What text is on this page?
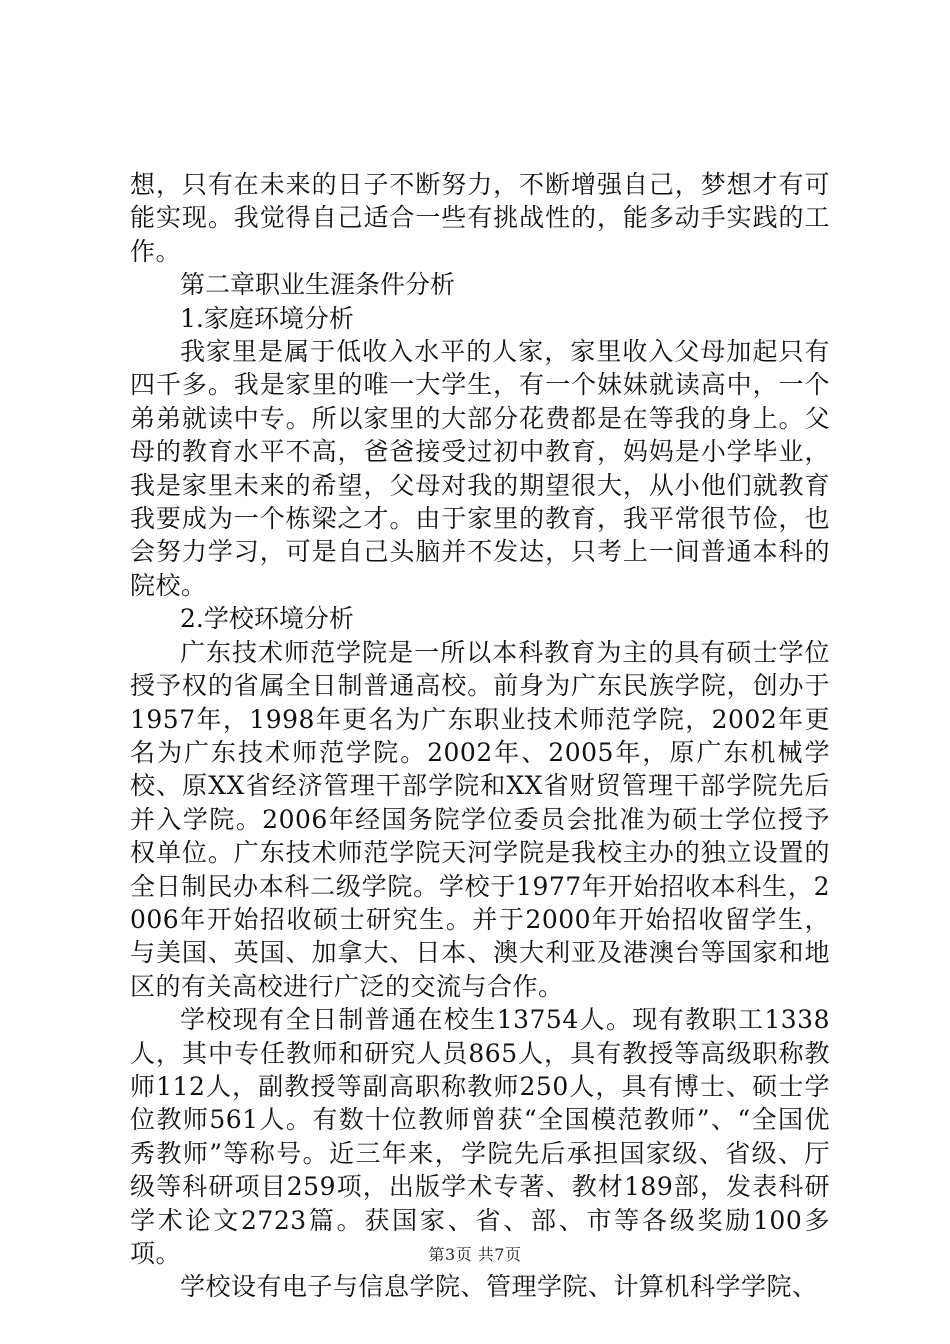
想，只有在未来的日子不断努力，不断增强自己，梦想才有可能实现。我觉得自己适合一些有挑战性的，能多动手实践的工作。

第二章职业生涯条件分析

1.家庭环境分析

我家里是属于低收入水平的人家，家里收入父母加起只有四千多。我是家里的唯一大学生，有一个妹妹就读高中，一个弟弟就读中专。所以家里的大部分花费都是在等我的身上。父母的教育水平不高，爸爸接受过初中教育，妈妈是小学毕业，我是家里未来的希望，父母对我的期望很大，从小他们就教育我要成为一个栋梁之才。由于家里的教育，我平常很节俭，也会努力学习，可是自己头脑并不发达，只考上一间普通本科的院校。

2.学校环境分析

广东技术师范学院是一所以本科教育为主的具有硕士学位授予权的省属全日制普通高校。前身为广东民族学院，创办于1957年，1998年更名为广东职业技术师范学院，2002年更名为广东技术师范学院。2002年、2005年，原广东机械学校、原XX省经济管理干部学院和XX省财贸管理干部学院先后并入学院。2006年经国务院学位委员会批准为硕士学位授予权单位。广东技术师范学院天河学院是我校主办的独立设置的全日制民办本科二级学院。学校于1977年开始招收本科生，2006年开始招收硕士研究生。并于2000年开始招收留学生，与美国、英国、加拿大、日本、澳大利亚及港澳台等国家和地区的有关高校进行广泛的交流与合作。

学校现有全日制普通在校生13754人。现有教职工1338人，其中专任教师和研究人员865人，具有教授等高级职称教师112人，副教授等副高职称教师250人，具有博士、硕士学位教师561人。有数十位教师曾获“全国模范教师”、“全国优秀教师”等称号。近三年来，学院先后承担国家级、省级、厅级等科研项目259项，出版学术专著、教材189部，发表科研学术论文2723篇。获国家、省、部、市等各级奖励100多项。

学校设有电子与信息学院、管理学院、计算机科学学院、

第3页 共7页
